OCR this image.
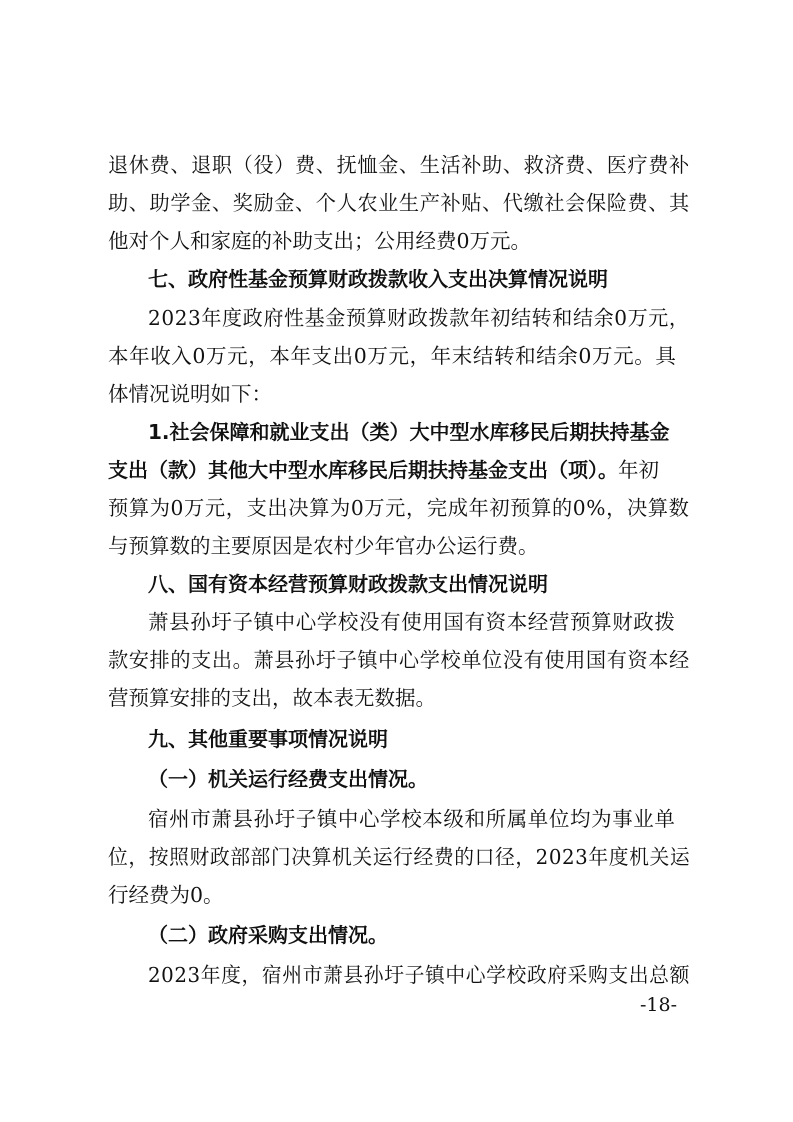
退休费、退职（役）费、抚恤金、生活补助、救济费、医疗费补
助、助学金、奖励金、个人农业生产补贴、代缴社会保险费、其
他对个人和家庭的补助支出；公用经费0万元。
七、政府性基金预算财政拨款收入支出决算情况说明
2023年度政府性基金预算财政拨款年初结转和结余0万元，
本年收入0万元，本年支出0万元，年末结转和结余0万元。具
体情况说明如下：
1.社会保障和就业支出（类）大中型水库移民后期扶持基金
支出（款）其他大中型水库移民后期扶持基金支出（项）。年初
预算为0万元，支出决算为0万元，完成年初预算的0%，决算数
与预算数的主要原因是农村少年官办公运行费。
八、国有资本经营预算财政拨款支出情况说明
萧县孙圩子镇中心学校没有使用国有资本经营预算财政拨
款安排的支出。萧县孙圩子镇中心学校单位没有使用国有资本经
营预算安排的支出，故本表无数据。
九、其他重要事项情况说明
（一）机关运行经费支出情况。
宿州市萧县孙圩子镇中心学校本级和所属单位均为事业单
位，按照财政部部门决算机关运行经费的口径，2023年度机关运
行经费为0。
（二）政府采购支出情况。
2023年度，宿州市萧县孙圩子镇中心学校政府采购支出总额
-18-
